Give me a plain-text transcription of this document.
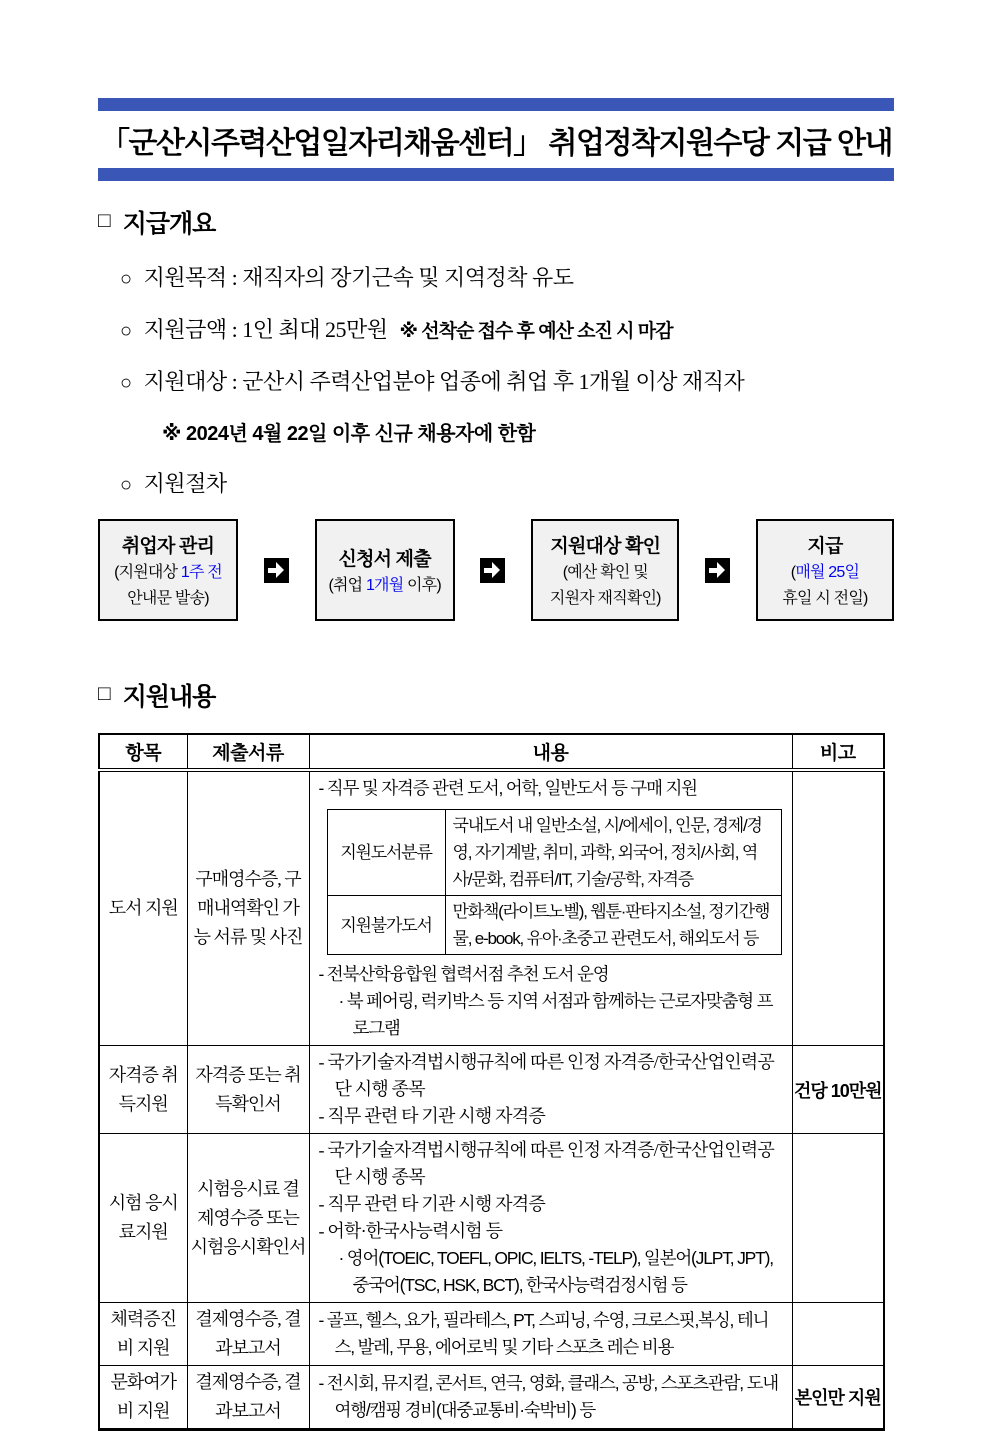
「군산시주력산업일자리채움센터」 취업정착지원수당 지급 안내
□ 지급개요
○ 지원목적 : 재직자의 장기근속 및 지역정착 유도
○ 지원금액 : 1인 최대 25만원 ※ 선착순 접수 후 예산 소진 시 마감
○ 지원대상 : 군산시 주력산업분야 업종에 취업 후 1개월 이상 재직자
※ 2024년 4월 22일 이후 신규 채용자에 한함
○ 지원절차
취업자 관리
(지원대상 1주 전
안내문 발송)
신청서 제출
(취업 1개월 이후)
지원대상 확인
(예산 확인 및
지원자 재직확인)
지급
(매월 25일
휴일 시 전일)
□ 지원내용
항목	제출서류	내용	비고
도서 지원	구매영수증, 구매내역확인 가능 서류 및 사진	
- 직무 및 자격증 관련 도서, 어학, 일반도서 등 구매 지원
지원도서분류	국내도서 내 일반소설, 시/에세이, 인문, 경제/경영, 자기계발, 취미, 과학, 외국어, 정치/사회, 역사/문화, 컴퓨터/IT, 기술/공학, 자격증
지원불가도서	만화책(라이트노벨), 웹툰·판타지소설, 정기간행물, e-book, 유아·초중고 관련도서, 해외도서 등
- 전북산학융합원 협력서점 추천 도서 운영
· 북 페어링, 럭키박스 등 지역 서점과 함께하는 근로자맞춤형 프로그램

자격증 취득지원	자격증 또는 취득확인서	
- 국가기술자격법시행규칙에 따른 인정 자격증/한국산업인력공단 시행 종목
- 직무 관련 타 기관 시행 자격증
	건당 10만원
시험 응시료지원	시험응시료 결제영수증 또는 시험응시확인서	
- 국가기술자격법시행규칙에 따른 인정 자격증/한국산업인력공단 시행 종목
- 직무 관련 타 기관 시행 자격증
- 어학·한국사능력시험 등
· 영어(TOEIC, TOEFL, OPIC, IELTS, -TELP), 일본어(JLPT, JPT), 중국어(TSC, HSK, BCT), 한국사능력검정시험 등

체력증진비 지원	결제영수증, 결과보고서	
- 골프, 헬스, 요가, 필라테스, PT, 스피닝, 수영, 크로스핏,복싱, 테니스, 발레, 무용, 에어로빅 및 기타 스포츠 레슨 비용

문화여가비 지원	결제영수증, 결과보고서	
- 전시회, 뮤지컬, 콘서트, 연극, 영화, 클래스, 공방, 스포츠관람, 도내 여행/캠핑 경비(대중교통비·숙박비) 등
	본인만 지원
